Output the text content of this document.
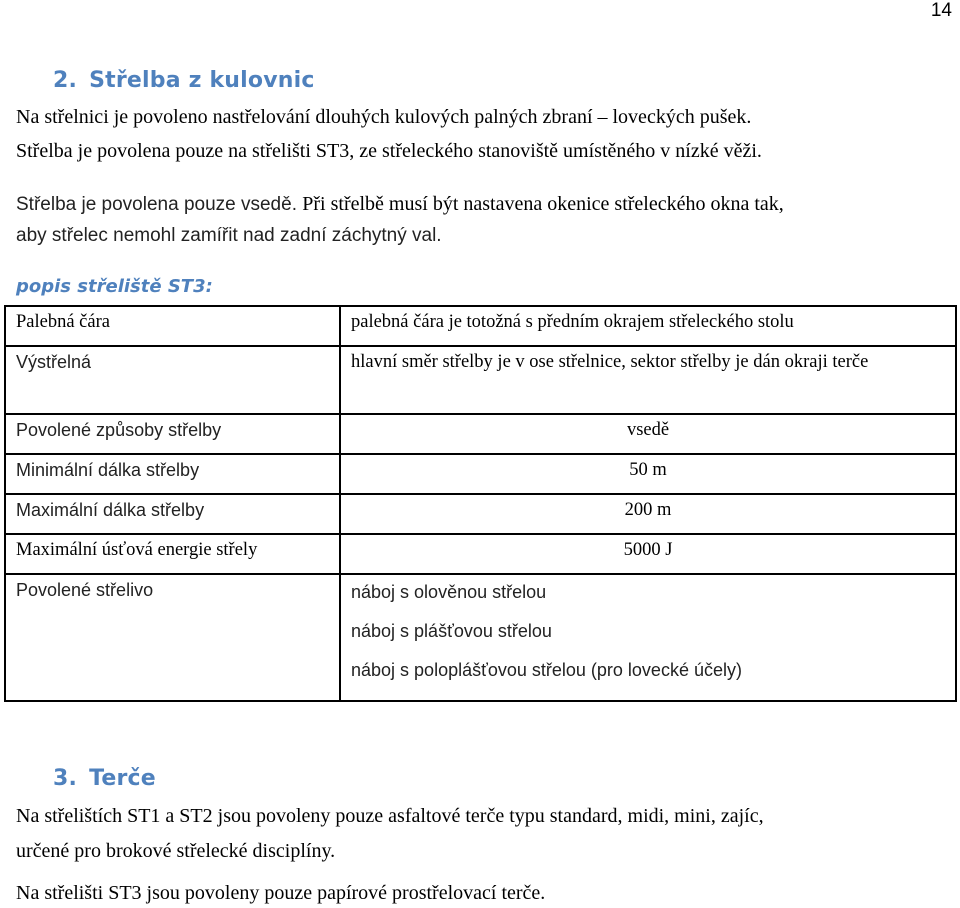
14
2. Střelba z kulovnic
Na střelnici je povoleno nastřelování dlouhých kulových palných zbraní – loveckých pušek.
Střelba je povolena pouze na střelišti ST3, ze střeleckého stanoviště umístěného v nízké věži.
Střelba je povolena pouze vsedě. Při střelbě musí být nastavena okenice střeleckého okna tak,
aby střelec nemohl zamířit nad zadní záchytný val.
popis střeliště ST3:
Palebná čára	palebná čára je totožná s předním okrajem střeleckého stolu
Výstřelná	hlavní směr střelby je v ose střelnice, sektor střelby je dán okraji terče
Povolené způsoby střelby	vsedě
Minimální dálka střelby	50 m
Maximální dálka střelby	200 m
Maximální úsťová energie střely	5000 J
Povolené střelivo	náboj s olověnou střelou
náboj s plášťovou střelou
náboj s poloplášťovou střelou (pro lovecké účely)
3. Terče
Na střelištích ST1 a ST2 jsou povoleny pouze asfaltové terče typu standard, midi, mini, zajíc,
určené pro brokové střelecké disciplíny.
Na střelišti ST3 jsou povoleny pouze papírové prostřelovací terče.
